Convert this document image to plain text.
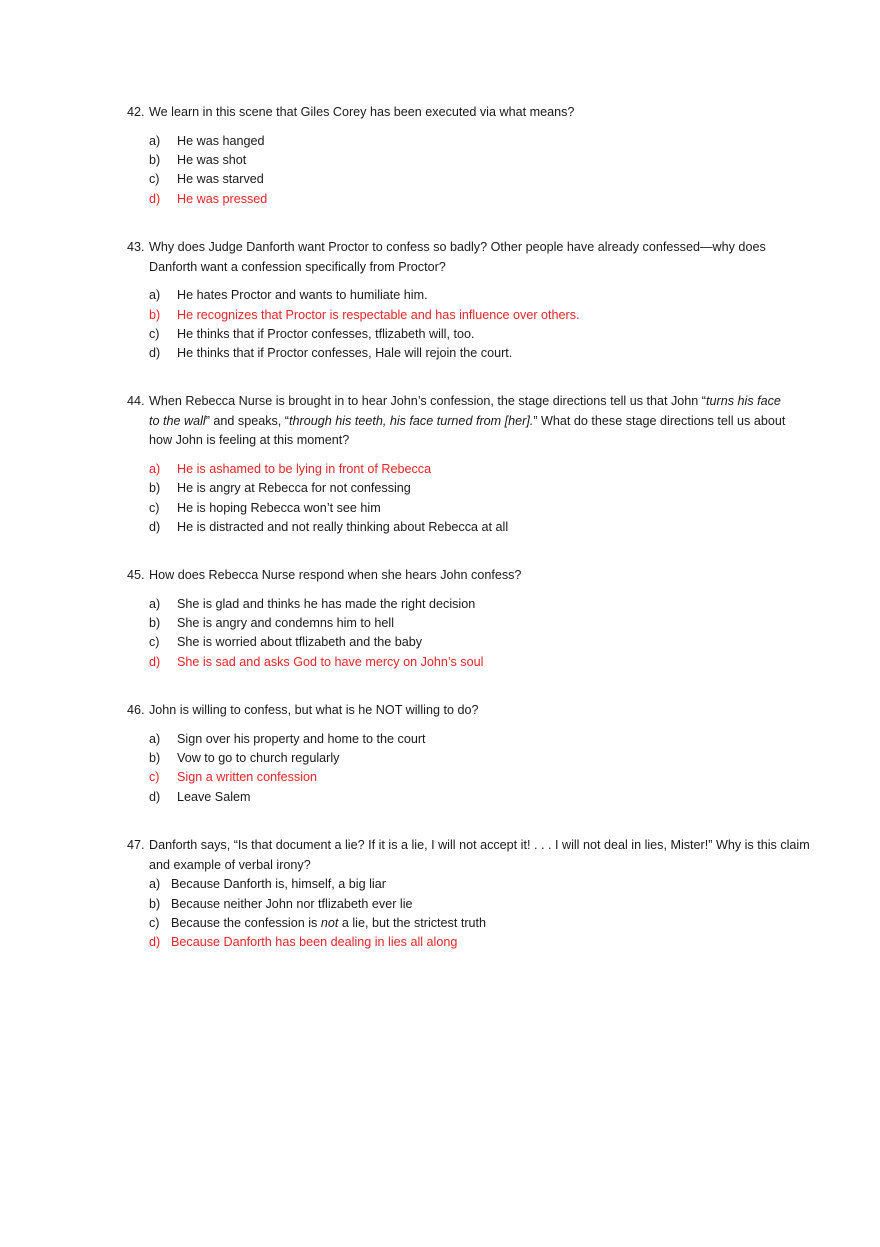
42. We learn in this scene that Giles Corey has been executed via what means?
a)	He was hanged
b)	He was shot
c)	He was starved
d)	He was pressed
43. Why does Judge Danforth want Proctor to confess so badly? Other people have already confessed—why does Danforth want a confession specifically from Proctor?
a)	He hates Proctor and wants to humiliate him.
b)	He recognizes that Proctor is respectable and has influence over others.
c)	He thinks that if Proctor confesses, tflizabeth will, too.
d)	He thinks that if Proctor confesses, Hale will rejoin the court.
44. When Rebecca Nurse is brought in to hear John’s confession, the stage directions tell us that John “turns his face to the wall” and speaks, “through his teeth, his face turned from [her].” What do these stage directions tell us about how John is feeling at this moment?
a)	He is ashamed to be lying in front of Rebecca
b)	He is angry at Rebecca for not confessing
c)	He is hoping Rebecca won’t see him
d)	He is distracted and not really thinking about Rebecca at all
45. How does Rebecca Nurse respond when she hears John confess?
a)	She is glad and thinks he has made the right decision
b)	She is angry and condemns him to hell
c)	She is worried about tflizabeth and the baby
d)	She is sad and asks God to have mercy on John’s soul
46. John is willing to confess, but what is he NOT willing to do?
a)	Sign over his property and home to the court
b)	Vow to go to church regularly
c)	Sign a written confession
d)	Leave Salem
47. Danforth says, “Is that document a lie? If it is a lie, I will not accept it! . . . I will not deal in lies, Mister!” Why is this claim and example of verbal irony?
a) Because Danforth is, himself, a big liar
b) Because neither John nor tflizabeth ever lie
c) Because the confession is not a lie, but the strictest truth
d) Because Danforth has been dealing in lies all along
